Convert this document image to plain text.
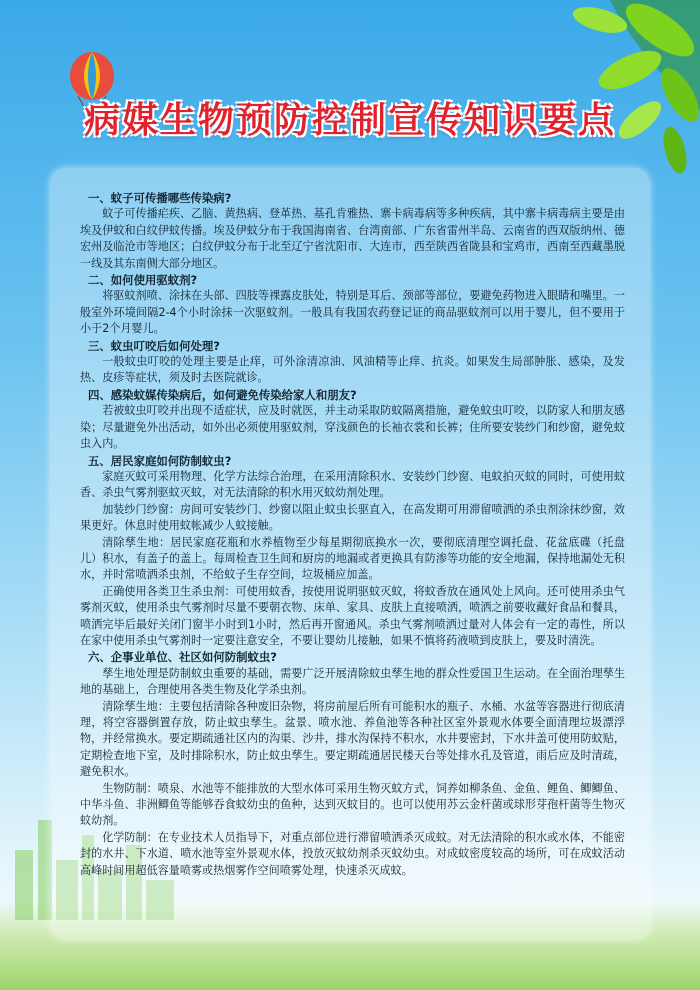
病媒生物预防控制宣传知识要点
一、蚊子可传播哪些传染病?

蚊子可传播疟疾、乙脑、黄热病、登革热、基孔肯雅热、寨卡病毒病等多种疾病，其中寨卡病毒病主要是由埃及伊蚊和白纹伊蚊传播。埃及伊蚊分布于我国海南省、台湾南部、广东省雷州半岛、云南省的西双版纳州、德宏州及临沧市等地区；白纹伊蚊分布于北至辽宁省沈阳市、大连市，西至陕西省陇县和宝鸡市，西南至西藏墨脱一线及其东南侧大部分地区。

二、如何使用驱蚊剂?

将驱蚊剂喷、涂抹在头部、四肢等裸露皮肤处，特别是耳后、颈部等部位，要避免药物进入眼睛和嘴里。一般室外环境间隔2-4个小时涂抹一次驱蚊剂。一般具有我国农药登记证的商品驱蚊剂可以用于婴儿，但不要用于小于2个月婴儿。

三、蚊虫叮咬后如何处理?

一般蚊虫叮咬的处理主要是止痒，可外涂清凉油、风油精等止痒、抗炎。如果发生局部肿胀、感染，及发热、皮疹等症状，须及时去医院就诊。

四、感染蚊媒传染病后，如何避免传染给家人和朋友?

若被蚊虫叮咬并出现不适症状，应及时就医，并主动采取防蚊隔离措施，避免蚊虫叮咬，以防家人和朋友感染；尽量避免外出活动，如外出必须使用驱蚊剂，穿浅颜色的长袖衣裳和长裤；住所要安装纱门和纱窗，避免蚊虫入内。

五、居民家庭如何防制蚊虫?

家庭灭蚊可采用物理、化学方法综合治理，在采用清除积水、安装纱门纱窗、电蚊拍灭蚊的同时，可使用蚊香、杀虫气雾剂驱蚊灭蚊，对无法清除的积水用灭蚊幼剂处理。

加装纱门纱窗：房间可安装纱门、纱窗以阻止蚊虫长驱直入，在高发期可用滞留喷洒的杀虫剂涂抹纱窗，效果更好。休息时使用蚊帐减少人蚊接触。

清除孳生地：居民家庭花瓶和水养植物至少每星期彻底换水一次，要彻底清理空调托盘、花盆底碟（托盘儿）积水，有盖子的盖上。每周检查卫生间和厨房的地漏或者更换具有防渗等功能的安全地漏，保持地漏处无积水，并时常喷洒杀虫剂，不给蚊子生存空间，垃圾桶应加盖。

正确使用各类卫生杀虫剂：可使用蚊香，按使用说明驱蚊灭蚊，将蚊香放在通风处上风向。还可使用杀虫气雾剂灭蚊，使用杀虫气雾剂时尽量不要朝衣物、床单、家具、皮肤上直接喷洒，喷洒之前要收藏好食品和餐具，喷洒完毕后最好关闭门窗半小时到1小时，然后再开窗通风。杀虫气雾剂喷洒过量对人体会有一定的毒性，所以在家中使用杀虫气雾剂时一定要注意安全，不要让婴幼儿接触，如果不慎将药液喷到皮肤上，要及时清洗。

六、企事业单位、社区如何防制蚊虫?

孳生地处理是防制蚊虫重要的基础，需要广泛开展清除蚊虫孳生地的群众性爱国卫生运动。在全面治理孳生地的基础上，合理使用各类生物及化学杀虫剂。

清除孳生地：主要包括清除各种废旧杂物，将房前屋后所有可能积水的瓶子、水桶、水盆等容器进行彻底清理，将空容器倒置存放，防止蚊虫孳生。盆景、喷水池、养鱼池等各种社区室外景观水体要全面清理垃圾漂浮物，并经常换水。要定期疏通社区内的沟渠、沙井，排水沟保持不积水，水井要密封，下水井盖可使用防蚊贴，定期检查地下室，及时排除积水，防止蚊虫孳生。要定期疏通居民楼天台等处排水孔及管道，雨后应及时清疏，避免积水。

生物防制：喷泉、水池等不能排放的大型水体可采用生物灭蚊方式，饲养如柳条鱼、金鱼、鲤鱼、鲫鲫鱼、中华斗鱼、非洲鲫鱼等能够吞食蚊幼虫的鱼种，达到灭蚊目的。也可以使用苏云金杆菌或球形芽孢杆菌等生物灭蚊幼剂。

化学防制：在专业技术人员指导下，对重点部位进行滞留喷洒杀灭成蚊。对无法清除的积水或水体，不能密封的水井、下水道、喷水池等室外景观水体，投放灭蚊幼剂杀灭蚊幼虫。对成蚊密度较高的场所，可在成蚊活动高峰时间用超低容量喷雾或热烟雾作空间喷雾处理，快速杀灭成蚊。
